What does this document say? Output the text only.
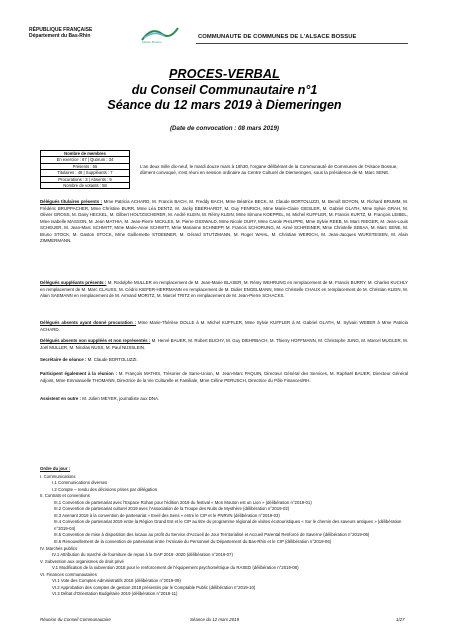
RÉPUBLIQUE FRANÇAISE
Département du Bas-Rhin
Alsace Bossue
COMMUNAUTE DE COMMUNES DE L'ALSACE BOSSUE
PROCES-VERBAL
du Conseil Communautaire n°1
Séance du 12 mars 2019 à Diemeringen
(Date de convocation : 08 mars 2019)
Nombre de membres
En exercice : 67 | Quorum : 34
Présents : 55
Titulaires : 48 | Suppléants : 7
Procurations : 3 | Absents : 9
Nombre de votants : 58
L'an deux mille dix-neuf, le mardi douze mars à 18h30, l'organe délibérant de la Communauté de Communes de l'Alsace Bossue, dûment convoqué, s'est réuni en session ordinaire au Centre Culturel de Diemeringen, sous la présidence de M. Marc SENE.
Délégués titulaires présents : Mme Patricia ACHARD, M. Francis BACH, M. Freddy BACH, Mme Béatrice BECK, M. Claude BORTOLUZZI, M. Benoît BOYON, M. Richard BRUMM, M. Frédéric BRUPPACHER, Mme Christine BURR, Mme Léa DENTZ, M. Jacky EBERHARDT, M. Guy FENRICH, Mme Marie-Claire GIESLER, M. Gabriel GLATH, Mme Sylvie GRAH, M. Olivier GROSS, M. Dany HECKEL, M. Gilbert HOLTZSCHERER, M. André KLEIN, M. Rémy KLEIN, Mme Simone KOEPPEL, M. Michel KUFFLER, M. Francis KURTZ, M. François LEIBEL, Mme Isabelle MASSON, M. Jean MATHIA, M. Jean-Pierre NICKLES, M. Pierre OSSWALD, Mme Nicole OURY, Mme Carole PHILIPPE, Mme Sylvie REEB, M. Marc RIEGER, M. Jean-Louis SCHEUER, M. Jean-Marc SCHMITT, Mme Marie-Anne SCHMITT, Mme Marianne SCHNEPP, M. Francis SCHORUNG, M. Aimé SCHREINER, Mme Christelle SEBAA, M. Marc SENE, M. Bruno STOCK, M. Gaston STOCK, Mme Guillemette STOEBNER, M. Gérard STUTZMANN, M. Roger WAHL, M. Christian WEIRICH, M. Jean-Jacques WURSTEISEN, M. Alain ZIMMERMANN.
Délégués suppléants présents : M. Rodolphe MULLER en remplacement de M. Jean-Marie BLASER, M. Rémy WEHRUNG en remplacement de M. Francis BURRY, M. Charles KUCHLY en remplacement de M. Marc CLAUSS, M. Cédric KIEFER-HERRMANN en remplacement de M. Didier ENGELMANN, Mme Christelle CHAUX en remplacement de M. Christian KLEIN, M. Alain SAEMANN en remplacement de M. Armand MORITZ, M. Marcel TRITZ en remplacement de M. Jean-Pierre SCHACKS.
Délégués absents ayant donné procuration : Mme Marie-Thérèse DOLLE à M. Michel KUFFLER, Mme Sylvie KUFFLER à M. Gabriel GLATH, M. Sylvain WEBER à Mme Patricia ACHARD.
Délégués absents non suppléés et non représentés : M. Hervé BAUER, M. Robert BUCHY, M. Guy DIEHRBACH, M. Thierry HOFFMANN, M. Christophe JUNG, M. Marcel MUGLER, M. Joël MULLER, M. Nicolas NUSS, M. Paul NUSSLEIN.
Secrétaire de séance : M. Claude BORTOLUZZI.
Participent également à la réunion : M. François MATHIS, Trésorier de Sarre-Union, M. Jean-Marc PAQUIN, Directeur Général des Services, M. Raphaël BAUER, Directeur Général Adjoint, Mme Emmanuelle THOMANN, Directrice de la Vie Culturelle et Familiale, Mme Céline PERUSCH, Directrice du Pôle Finances/RH.
Assistent en outre : M. Julien MEYER, journaliste aux DNA.
Ordre du jour :
I. Communications
I.1 Communications diverses
I.2 Compte – rendu des décisions prises par délégation
II. Contrats et conventions
III.1 Convention de partenariat avec l'Espace Rohan pour l'édition 2019 du festival « Mon Mouton est un Lion » (délibération n°2019-01)
III.2 Convention de partenariat culturel 2019 avec l'Association de la Troupe des Nuits de Mysthère (délibération n°2019-02)
III.3 Avenant 2019 à la convention de partenariat « Eveil des Sens » entre le CIP et le PNRVN (délibération n°2019-03)
III.4 Convention de partenariat 2019 entre la Région Grand Est et le CIP au titre du programme régional de visites écotouristiques « Sur le chemin des saveurs antiques » (délibération n°2019-04)
III.5 Convention de mise à disposition des locaux au profit du Service d'Accueil de Jour Territorialisé et Accueil Parental Renforcé de Saverne (délibération n°2019-05)
III.6 Renouvellement de la convention de partenariat entre l'Amicale du Personnel du Département du Bas-Rhin et le CIP (délibération n°2019-06)
IV. Marchés publics
IV.1 Attribution du marché de fourniture de repas à la GAP 2019 -2020 (délibération n°2019-07)
V. Subvention aux organismes de droit privé
V.1 Modification de la subvention 2018 pour le renforcement de l'équipement psychométrique du RASED (délibération n°2019-08)
VI. Finances communautaires
VI.1 Vote des Comptes Administratifs 2018 (délibération n°2019-09)
VI.2 Approbation des comptes de gestion 2018 présentés par le Comptable Public (délibération n°2019-10)
VI.3 Débat d'Orientation Budgétaire 2019 (délibération n°2019-11)
Réunion du Conseil Communautaire	Séance du 12 mars 2019	1/27
